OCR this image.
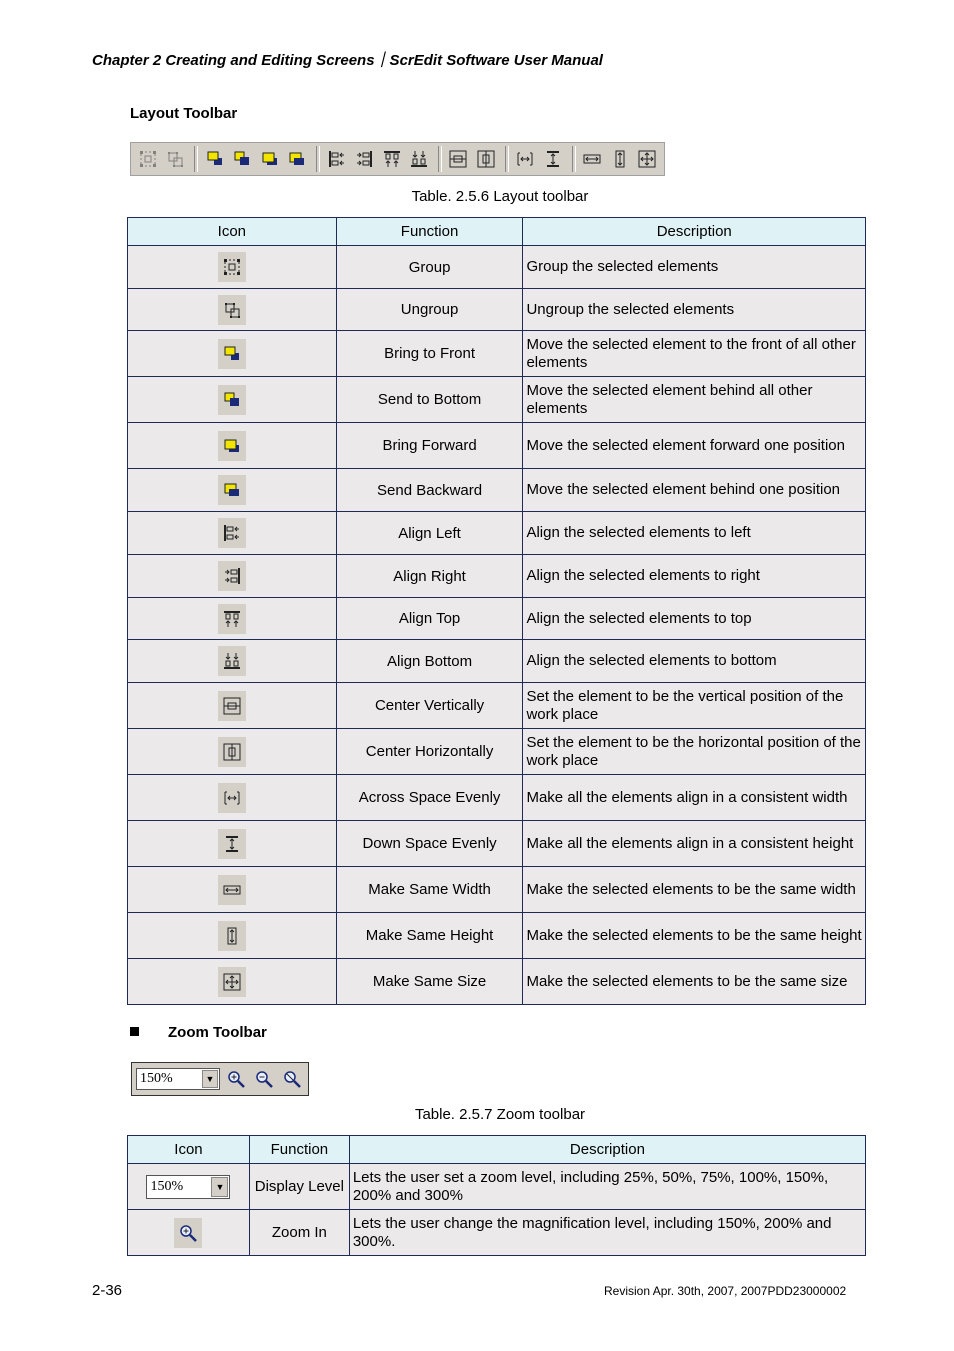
Chapter 2 Creating and Editing Screens｜ScrEdit Software User Manual
Layout Toolbar
Table. 2.5.6 Layout toolbar
Icon	Function	Description

	Group	Group the selected elements

	Ungroup	Ungroup the selected elements

	Bring to Front	Move the selected element to the front of all other elements

	Send to Bottom	Move the selected element behind all other elements

	Bring Forward	Move the selected element forward one position

	Send Backward	Move the selected element behind one position

	Align Left	Align the selected elements to left

	Align Right	Align the selected elements to right

	Align Top	Align the selected elements to top

	Align Bottom	Align the selected elements to bottom

	Center Vertically	Set the element to be the vertical position of the work place

	Center Horizontally	Set the element to be the horizontal position of the work place

	Across Space Evenly	Make all the elements align in a consistent width

	Down Space Evenly	Make all the elements align in a consistent height

	Make Same Width	Make the selected elements to be the same width

	Make Same Height	Make the selected elements to be the same height

	Make Same Size	Make the selected elements to be the same size
Zoom Toolbar
150%	▼
Table. 2.5.7 Zoom toolbar
Icon	Function	Description

150% ▼	Display Level	Lets the user set a zoom level, including 25%, 50%, 75%, 100%, 150%, 200% and 300%

	Zoom In	Lets the user change the magnification level, including 150%, 200% and 300%.
2-36	Revision Apr. 30th, 2007, 2007PDD23000002
